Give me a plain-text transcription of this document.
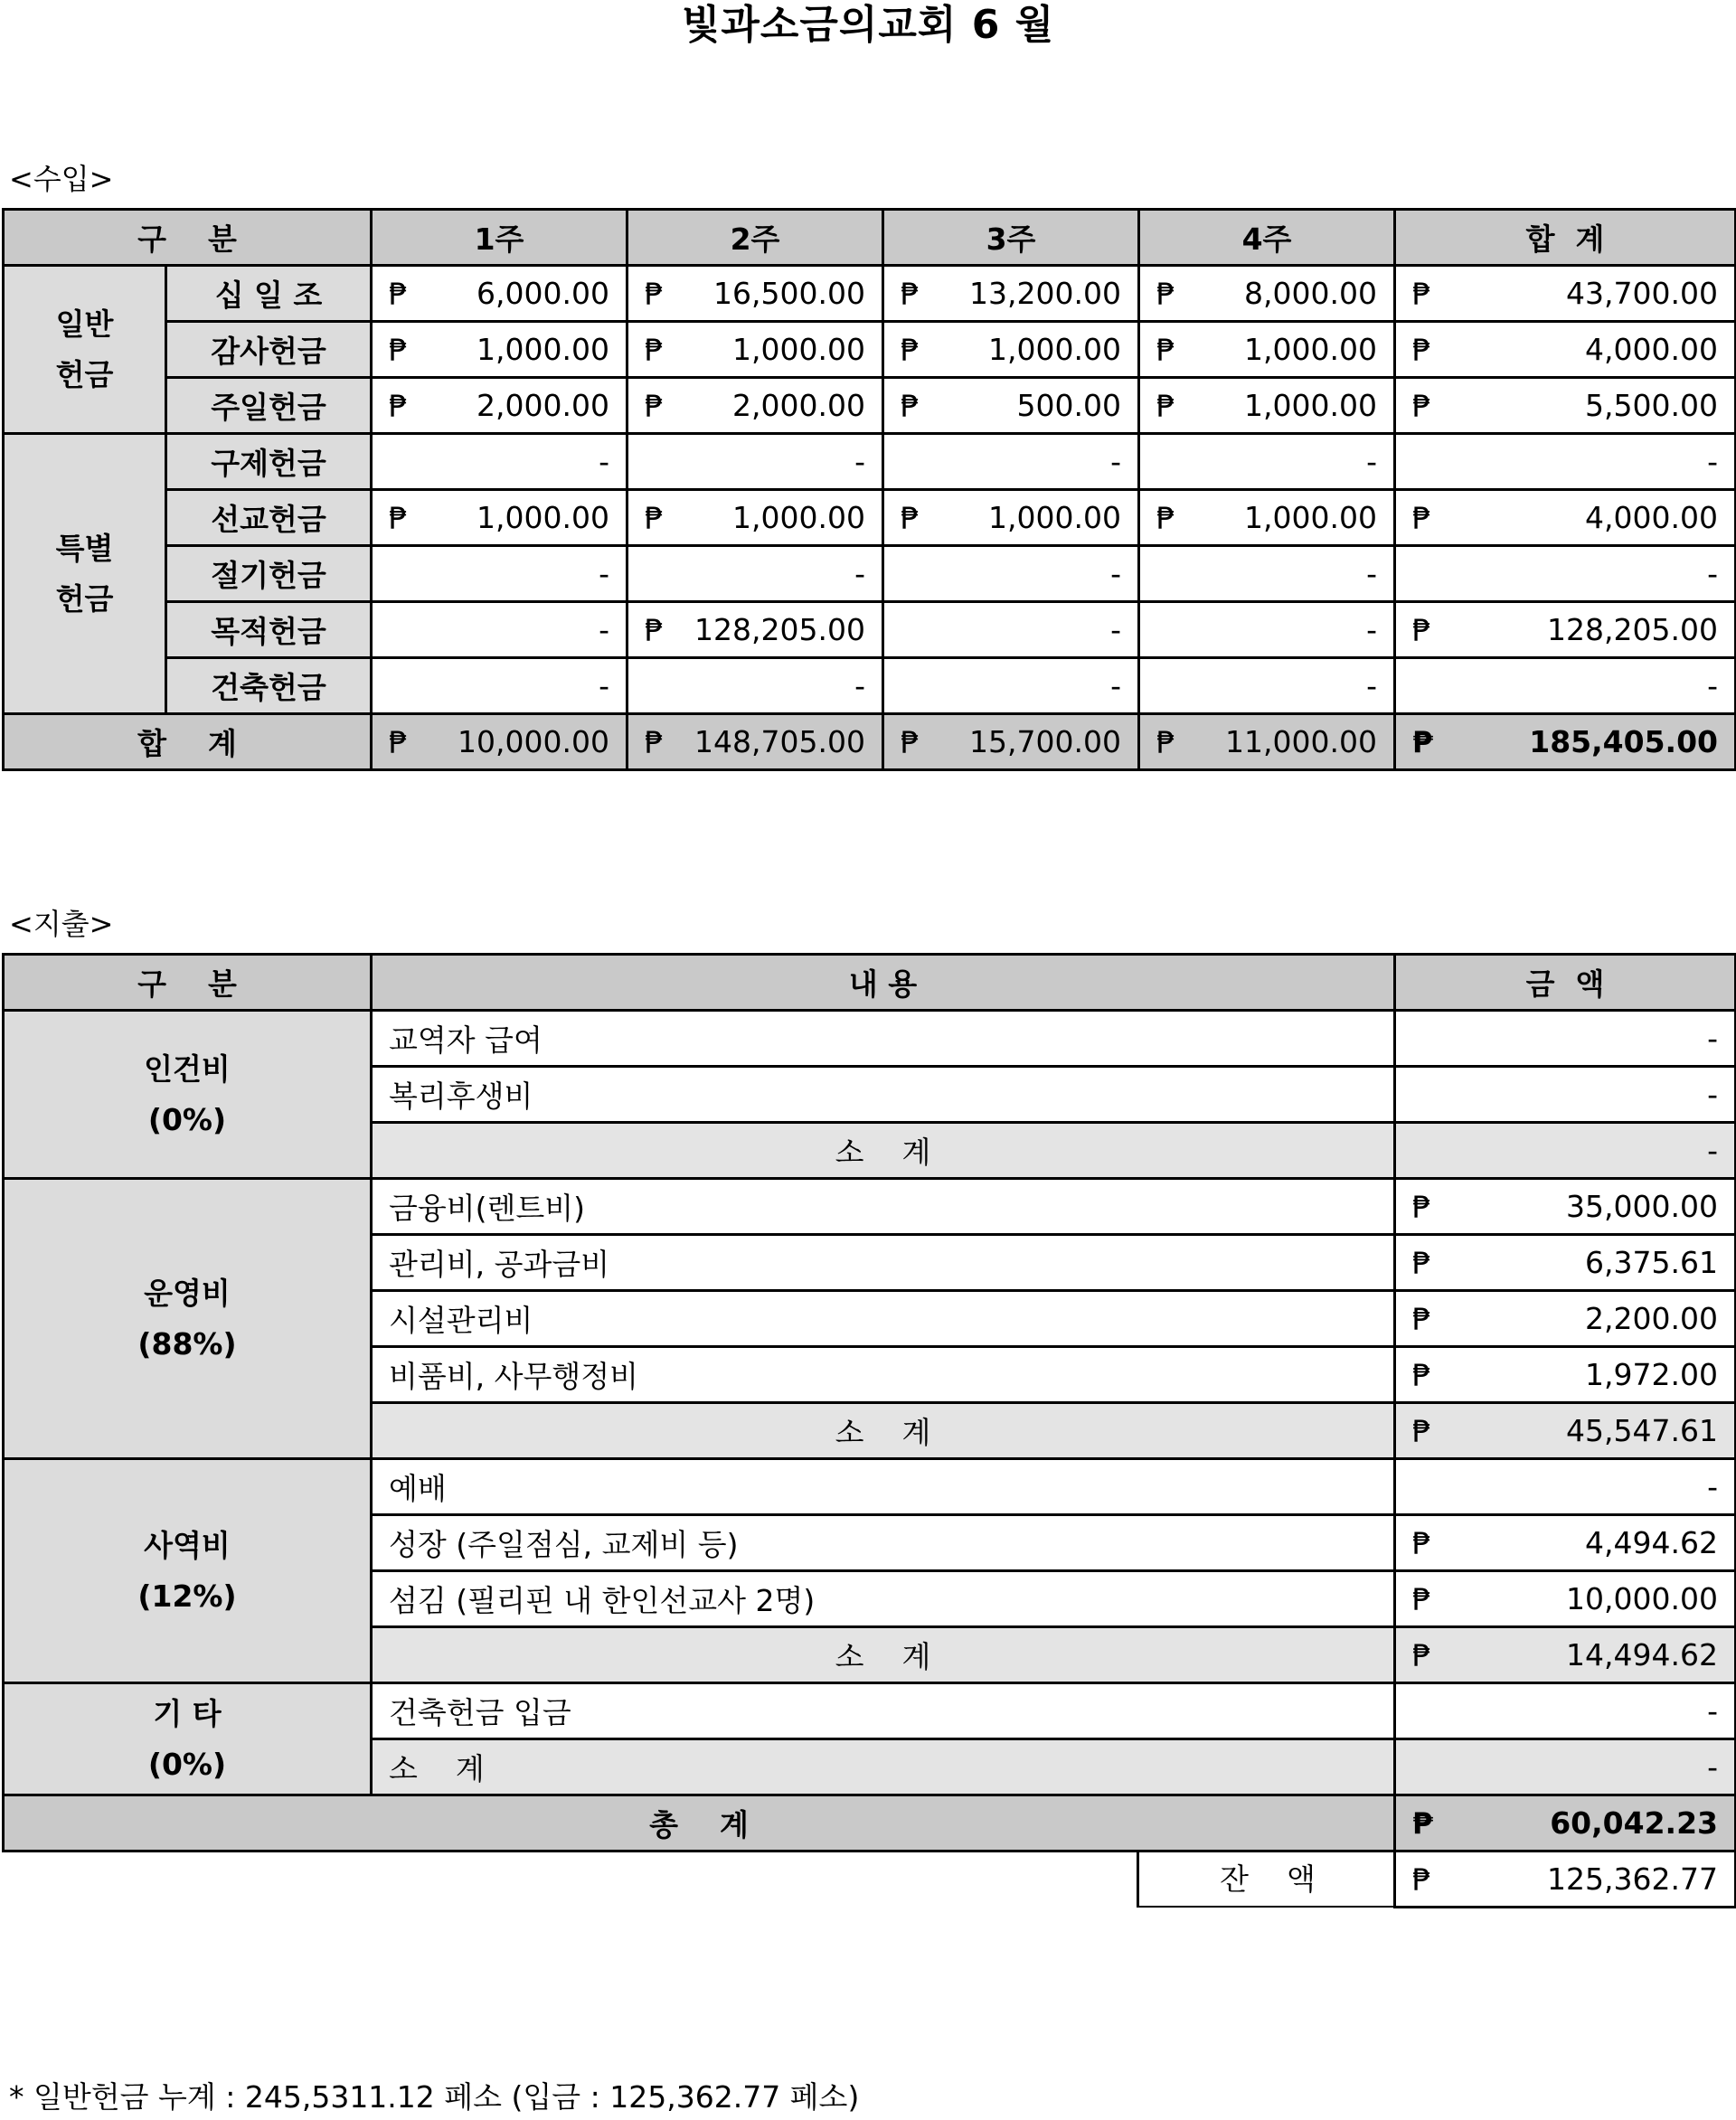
빛과소금의교회 6 월
<수입>
구    분		1주	2주	3주	4주	합  계
일반
헌금	십 일 조	₱ 6,000.00	₱ 16,500.00	₱ 13,200.00	₱ 8,000.00	₱ 43,700.00
	감사헌금	₱ 1,000.00	₱ 1,000.00	₱ 1,000.00	₱ 1,000.00	₱ 4,000.00
	주일헌금	₱ 2,000.00	₱ 2,000.00	₱ 500.00	₱ 1,000.00	₱ 5,500.00
특별
헌금	구제헌금	-	-	-	-	-
	선교헌금	₱ 1,000.00	₱ 1,000.00	₱ 1,000.00	₱ 1,000.00	₱ 4,000.00
	절기헌금	-	-	-	-	-
	목적헌금	-	₱ 128,205.00	-	-	₱ 128,205.00
	건축헌금	-	-	-	-	-
합    계		₱ 10,000.00	₱ 148,705.00	₱ 15,700.00	₱ 11,000.00	₱ 185,405.00
<지출>
구    분	내 용	금  액
인건비
(0%)	교역자 급여	-
	복리후생비	-
	소    계	-
운영비
(88%)	금융비(렌트비)	₱ 35,000.00
	관리비, 공과금비	₱ 6,375.61
	시설관리비	₱ 2,200.00
	비품비, 사무행정비	₱ 1,972.00
	소    계	₱ 45,547.61
사역비
(12%)	예배	-
	성장 (주일점심, 교제비 등)	₱ 4,494.62
	섬김 (필리핀 내 한인선교사 2명)	₱ 10,000.00
	소    계	₱ 14,494.62
기 타
(0%)	건축헌금 입금	-
	소    계	-
총    계		₱ 60,042.23

	잔    액	₱ 125,362.77
* 일반헌금 누계 : 245,5311.12 페소 (입금 : 125,362.77 페소)
